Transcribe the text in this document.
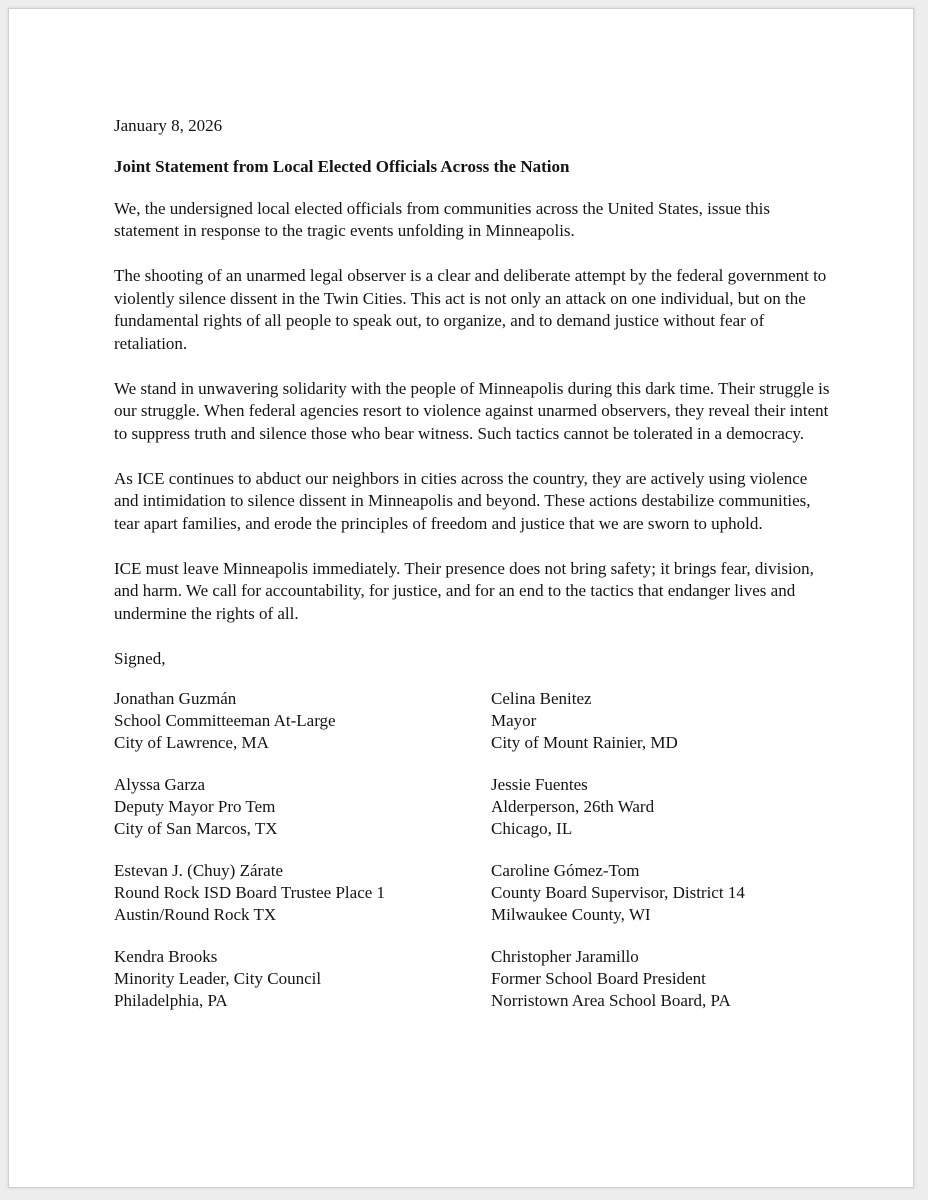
January 8, 2026
Joint Statement from Local Elected Officials Across the Nation
We, the undersigned local elected officials from communities across the United States, issue this statement in response to the tragic events unfolding in Minneapolis.
The shooting of an unarmed legal observer is a clear and deliberate attempt by the federal government to violently silence dissent in the Twin Cities. This act is not only an attack on one individual, but on the fundamental rights of all people to speak out, to organize, and to demand justice without fear of retaliation.
We stand in unwavering solidarity with the people of Minneapolis during this dark time. Their struggle is our struggle. When federal agencies resort to violence against unarmed observers, they reveal their intent to suppress truth and silence those who bear witness. Such tactics cannot be tolerated in a democracy.
As ICE continues to abduct our neighbors in cities across the country, they are actively using violence and intimidation to silence dissent in Minneapolis and beyond. These actions destabilize communities, tear apart families, and erode the principles of freedom and justice that we are sworn to uphold.
ICE must leave Minneapolis immediately. Their presence does not bring safety; it brings fear, division, and harm. We call for accountability, for justice, and for an end to the tactics that endanger lives and undermine the rights of all.
Signed,
Jonathan Guzmán
School Committeeman At-Large
City of Lawrence, MA
Celina Benitez
Mayor
City of Mount Rainier, MD
Alyssa Garza
Deputy Mayor Pro Tem
City of San Marcos, TX
Jessie Fuentes
Alderperson, 26th Ward
Chicago, IL
Estevan J. (Chuy) Zárate
Round Rock ISD Board Trustee Place 1
Austin/Round Rock TX
Caroline Gómez-Tom
County Board Supervisor, District 14
Milwaukee County, WI
Kendra Brooks
Minority Leader, City Council
Philadelphia, PA
Christopher Jaramillo
Former School Board President
Norristown Area School Board, PA
